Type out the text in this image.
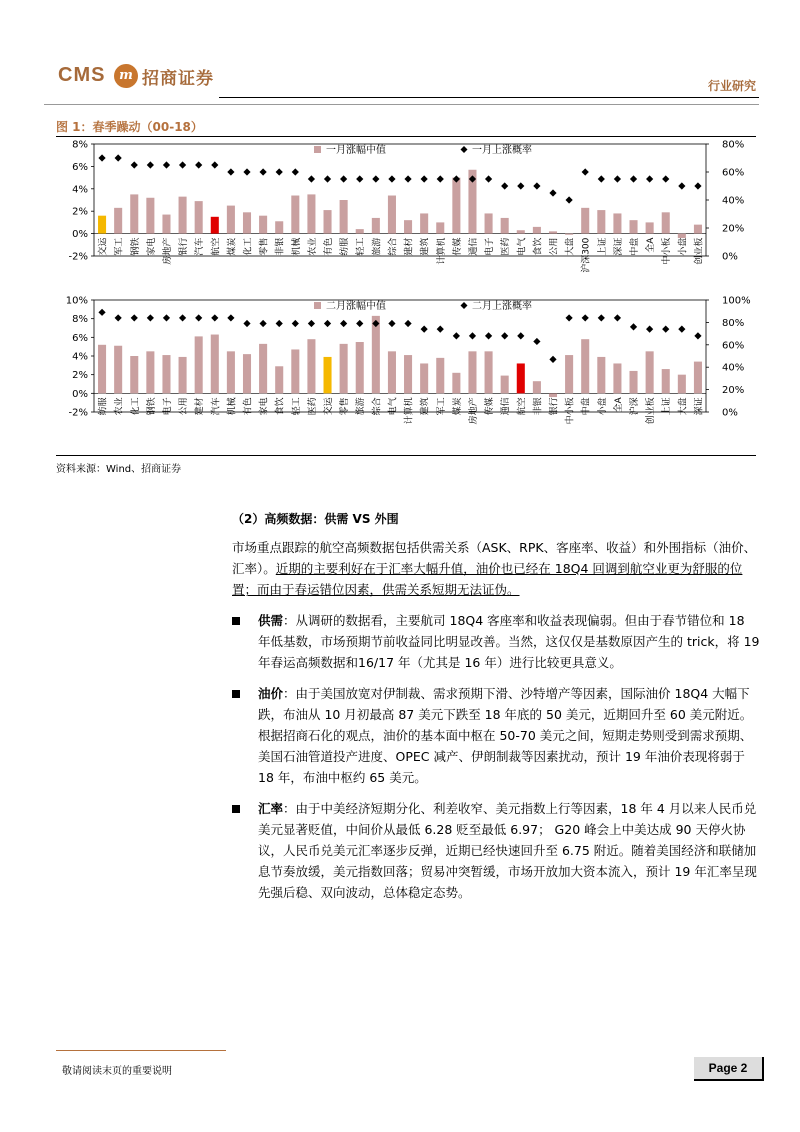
CMS	m 招商证券	行业研究
图 1：春季躁动（00-18）
-2%
0%
2%
4%
6%
8%
0%
20%
40%
60%
80%
交运 军工 钢铁 家电 房地产 银行 汽车 航空 煤炭 化工 零售 非银 机械 农业 有色 纺服 轻工 旅游 综合 建材 建筑 计算机 传媒 通信 电子 医药 电气 食饮 公用 大盘 沪深300 上证 深证 中盘 全A 中小板 小盘 创业板
一月涨幅中值	一月上涨概率
-2%
0%
2%
4%
6%
8%
10%
0%
20%
40%
60%
80%
100%
纺服 农业 化工 钢铁 电子 公用 建材 汽车 机械 有色 家电 食饮 轻工 医药 交运 零售 旅游 综合 电气 计算机 建筑 军工 煤炭 房地产 传媒 通信 航空 非银 银行 中小板 中盘 小盘 全A 沪深 创业板 上证 大盘 深证
二月涨幅中值	二月上涨概率
资料来源：Wind、招商证券
（2）高频数据：供需 VS 外围
市场重点跟踪的航空高频数据包括供需关系（ASK、RPK、客座率、收益）和外围指标（油价、汇率）。近期的主要利好在于汇率大幅升值，油价也已经在 18Q4 回调到航空业更为舒服的位置；而由于春运错位因素，供需关系短期无法证伪。
供需：从调研的数据看，主要航司 18Q4 客座率和收益表现偏弱。但由于春节错位和 18 年低基数，市场预期节前收益同比明显改善。当然，这仅仅是基数原因产生的 trick，将 19 年春运高频数据和16/17 年（尤其是 16 年）进行比较更具意义。
油价：由于美国放宽对伊制裁、需求预期下滑、沙特增产等因素，国际油价 18Q4 大幅下跌，布油从 10 月初最高 87 美元下跌至 18 年底的 50 美元，近期回升至 60 美元附近。根据招商石化的观点，油价的基本面中枢在 50-70 美元之间，短期走势则受到需求预期、美国石油管道投产进度、OPEC 减产、伊朗制裁等因素扰动，预计 19 年油价表现将弱于 18 年，布油中枢约 65 美元。
汇率：由于中美经济短期分化、利差收窄、美元指数上行等因素，18 年 4 月以来人民币兑美元显著贬值，中间价从最低 6.28 贬至最低 6.97； G20 峰会上中美达成 90 天停火协议，人民币兑美元汇率逐步反弹，近期已经快速回升至 6.75 附近。随着美国经济和联储加息节奏放缓，美元指数回落；贸易冲突暂缓，市场开放加大资本流入，预计 19 年汇率呈现先强后稳、双向波动，总体稳定态势。
敬请阅读末页的重要说明	Page 2
